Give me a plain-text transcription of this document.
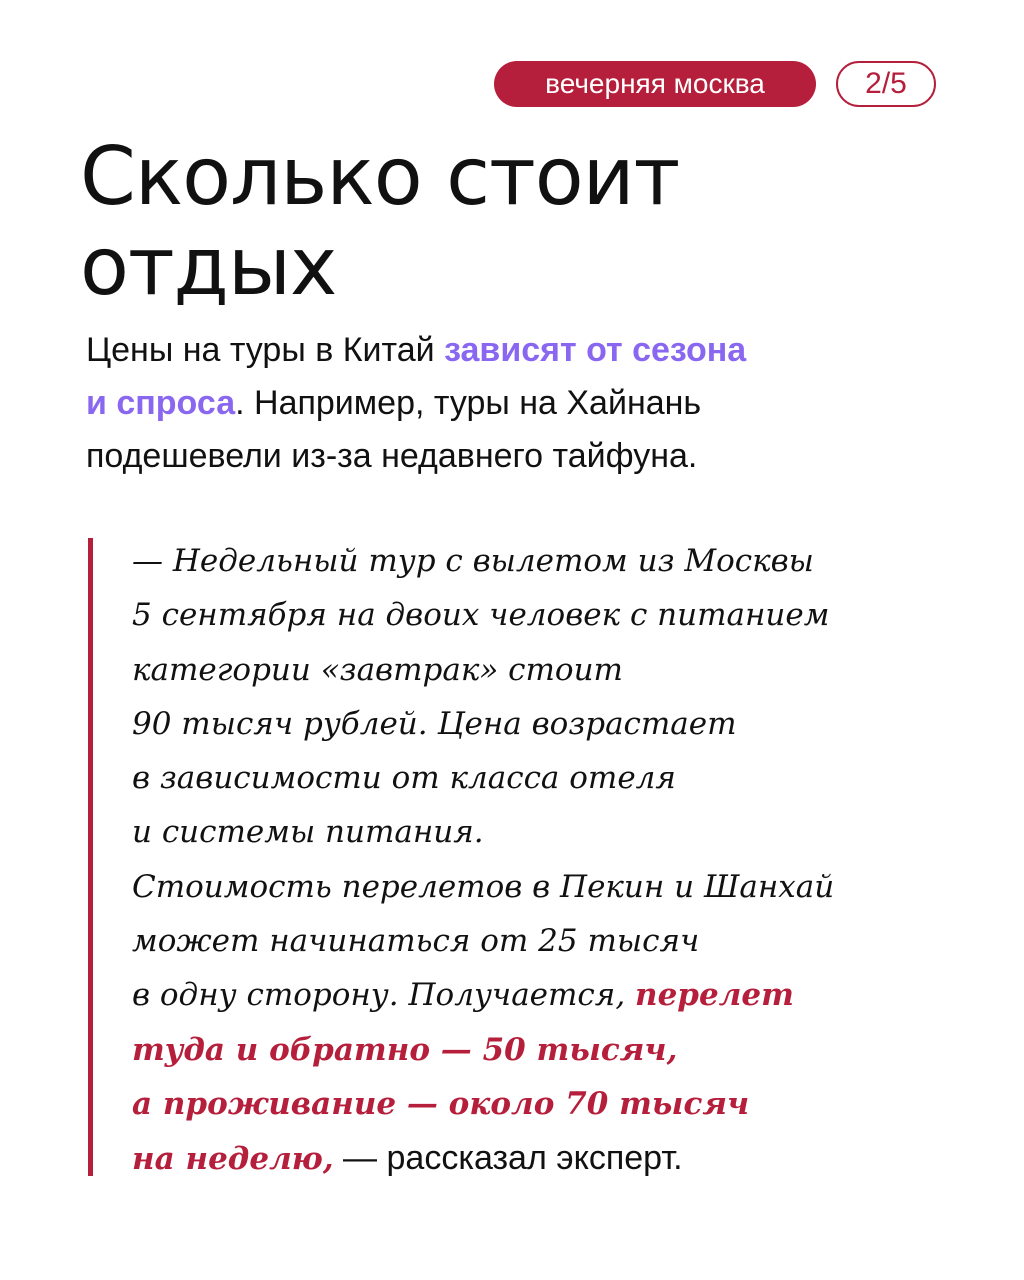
вечерняя москва	2/5
Сколько стоит
отдых

Цены на туры в Китай зависят от сезона
и спроса. Например, туры на Хайнань
подешевели из-за недавнего тайфуна.

— Недельный тур с вылетом из Москвы
5 сентября на двоих человек с питанием
категории «завтрак» стоит
90 тысяч рублей. Цена возрастает
в зависимости от класса отеля
и системы питания.
Стоимость перелетов в Пекин и Шанхай
может начинаться от 25 тысяч
в одну сторону. Получается, перелет
туда и обратно — 50 тысяч,
а проживание — около 70 тысяч
на неделю, — рассказал эксперт.
